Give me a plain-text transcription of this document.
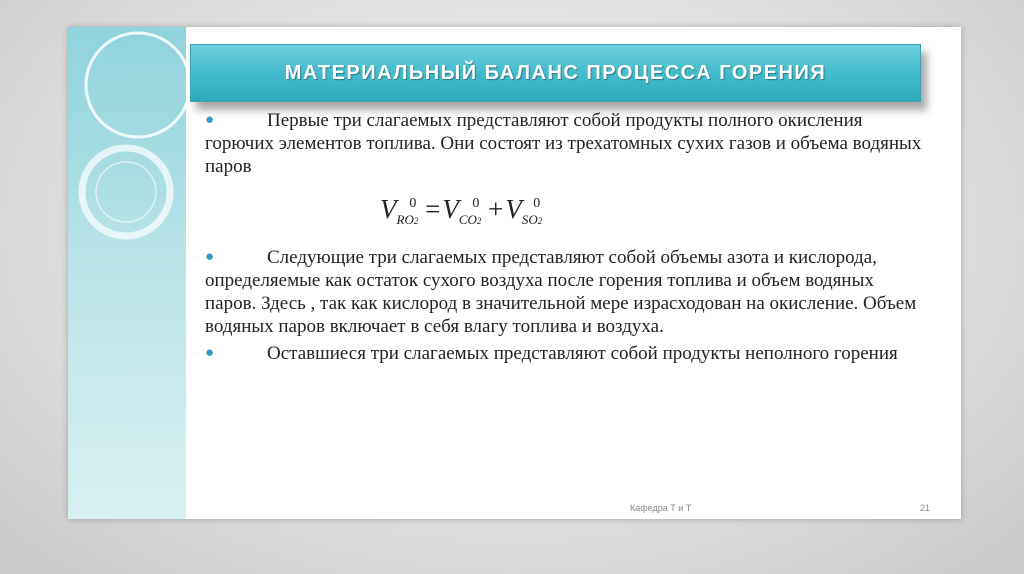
МАТЕРИАЛЬНЫЙ БАЛАНС ПРОЦЕССА ГОРЕНИЯ

●	Первые три слагаемых представляют собой продукты полного окисления горючих элементов топлива. Они состоят из трехатомных сухих газов и объема водяных паров

$V_{RO2}^0 =V_{CO2}^0 +V_{SO2}^0$

●	Следующие три слагаемых представляют собой объемы азота и кислорода, определяемые как остаток сухого воздуха после горения топлива и объем водяных паров. Здесь , так как кислород в значительной мере израсходован на окисление. Объем водяных паров включает в себя влагу топлива и воздуха.

●	Оставшиеся три слагаемых представляют собой продукты неполного горения

Кафедра Т и Т	21
